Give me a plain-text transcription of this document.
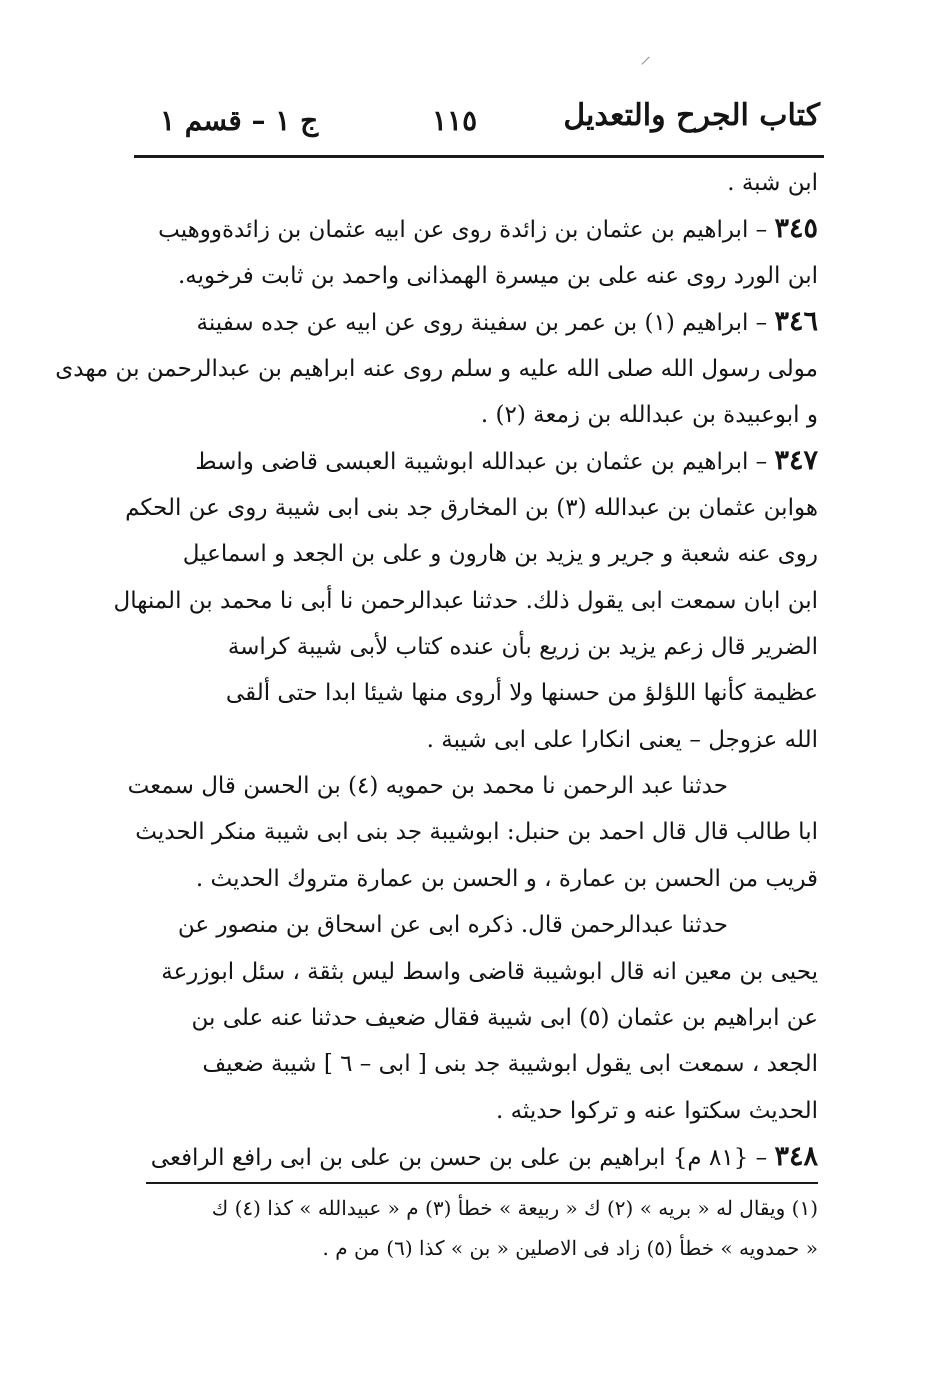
⸝
كتاب الجرح والتعديل
١١٥
ج ١ – قسم ١
ابن شبة .
٣٤٥ – ابراهيم بن عثمان بن زائدة روى عن ابيه عثمان بن زائدةووهيب
ابن الورد روى عنه على بن ميسرة الهمذانى واحمد بن ثابت فرخويه.
٣٤٦ – ابراهيم (١) بن عمر بن سفينة روى عن ابيه عن جده سفينة
مولى رسول الله صلى الله عليه و سلم روى عنه ابراهيم بن عبدالرحمن بن مهدى
و ابوعبيدة بن عبدالله بن زمعة (٢) .
٣٤٧ – ابراهيم بن عثمان بن عبدالله ابوشيبة العبسى قاضى واسط
هوابن عثمان بن عبدالله (٣) بن المخارق جد بنى ابى شيبة روى عن الحكم
روى عنه شعبة و جرير و يزيد بن هارون و على بن الجعد و اسماعيل
ابن ابان سمعت ابى يقول ذلك. حدثنا عبدالرحمن نا أبى نا محمد بن المنهال
الضرير قال زعم يزيد بن زريع بأن عنده كتاب لأبى شيبة كراسة
عظيمة كأنها اللؤلؤ من حسنها ولا أروى منها شيئا ابدا حتى ألقى
الله عزوجل – يعنى انكارا على ابى شيبة .
حدثنا عبد الرحمن نا محمد بن حمويه (٤) بن الحسن قال سمعت
ابا طالب قال قال احمد بن حنبل: ابوشيبة جد بنى ابى شيبة منكر الحديث
قريب من الحسن بن عمارة ، و الحسن بن عمارة متروك الحديث .
حدثنا عبدالرحمن قال. ذكره ابى عن اسحاق بن منصور عن
يحيى بن معين انه قال ابوشيبة قاضى واسط ليس بثقة ، سئل ابوزرعة
عن ابراهيم بن عثمان (٥) ابى شيبة فقال ضعيف حدثنا عنه على بن
الجعد ، سمعت ابى يقول ابوشيبة جد بنى [ ابى – ٦ ] شيبة ضعيف
الحديث سكتوا عنه و تركوا حديثه .
٣٤٨ – {٨١ م} ابراهيم بن على بن حسن بن على بن ابى رافع الرافعى
(١) ويقال له « بريه » (٢) ك « ربيعة » خطأ (٣) م « عبيدالله » كذا (٤) ك
« حمدويه » خطأ (٥) زاد فى الاصلين « بن » كذا (٦) من م .
